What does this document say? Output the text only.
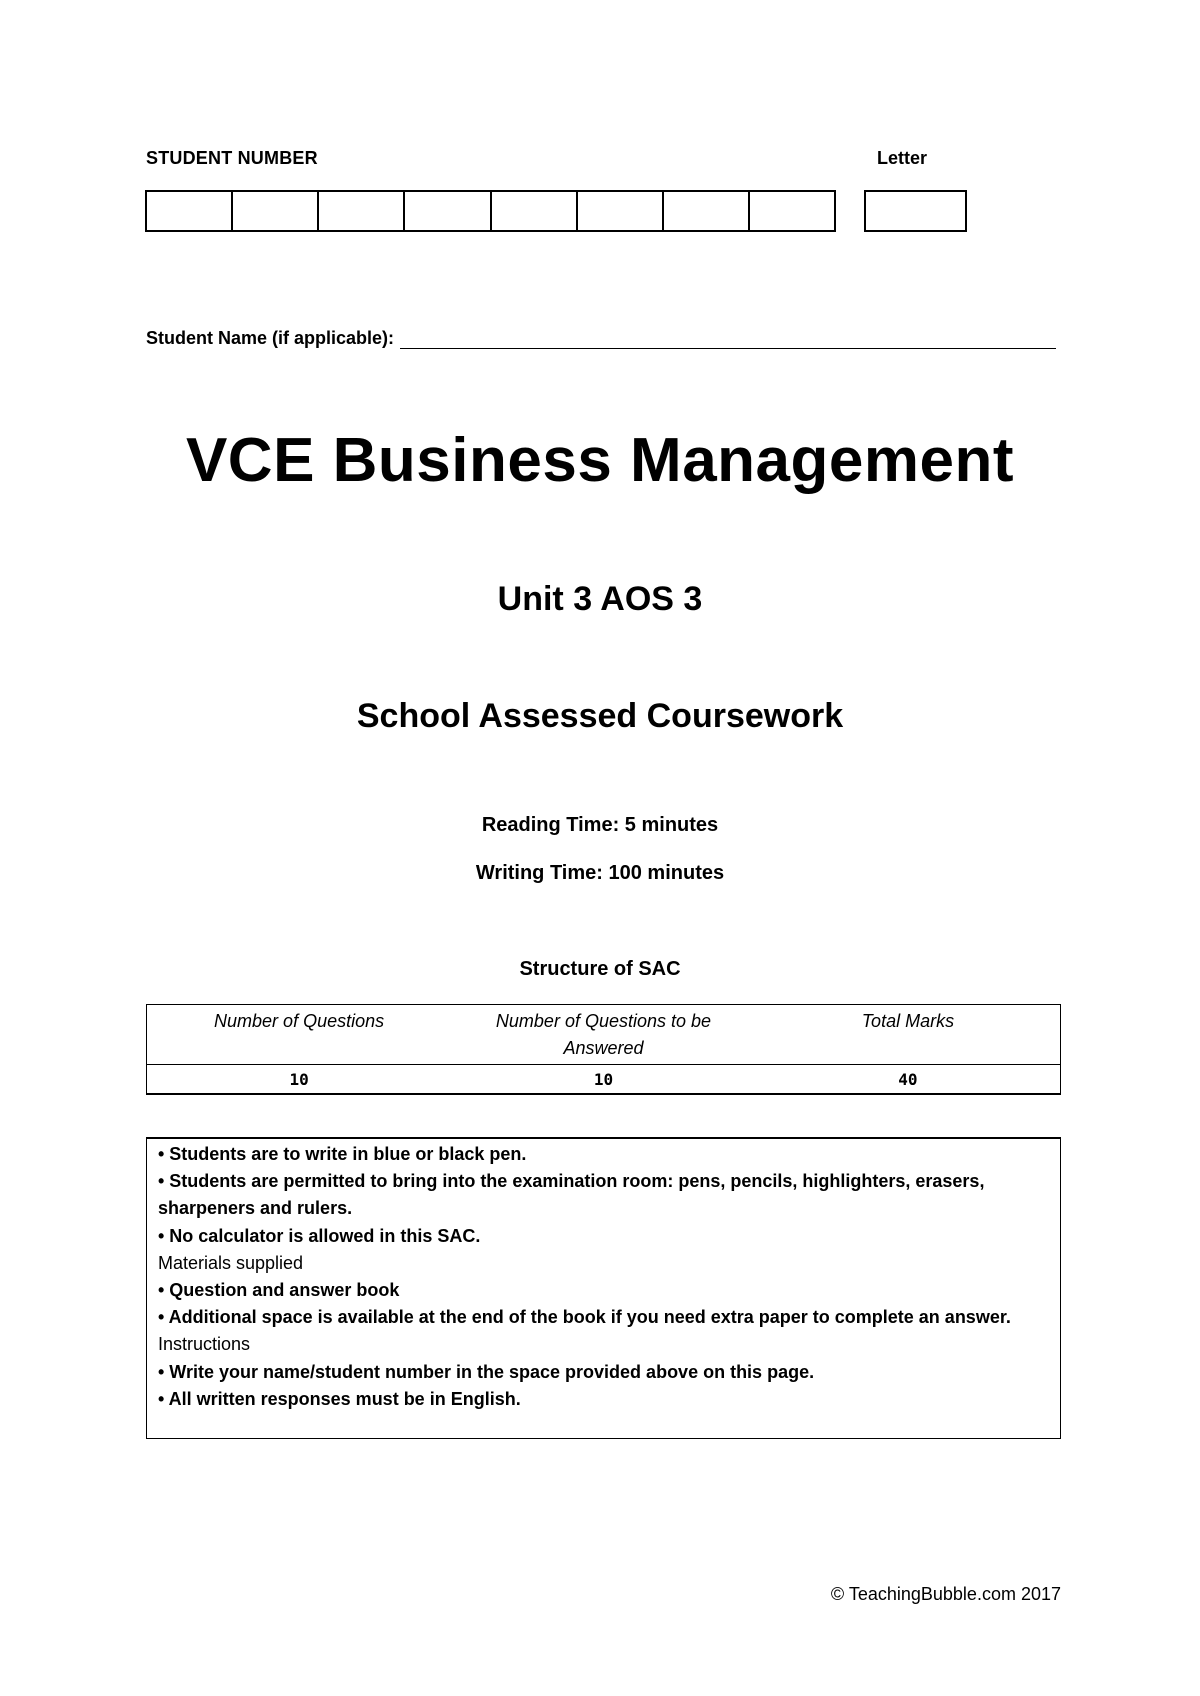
STUDENT NUMBER	Letter
Student Name (if applicable):
VCE Business Management
Unit 3 AOS 3
School Assessed Coursework
Reading Time: 5 minutes
Writing Time: 100 minutes
Structure of SAC
Number of Questions	Number of Questions to be Answered	Total Marks
10	10	40
• Students are to write in blue or black pen.
• Students are permitted to bring into the examination room: pens, pencils, highlighters, erasers, sharpeners and rulers.
• No calculator is allowed in this SAC.
Materials supplied
• Question and answer book
• Additional space is available at the end of the book if you need extra paper to complete an answer.
Instructions
• Write your name/student number in the space provided above on this page.
• All written responses must be in English.
© TeachingBubble.com 2017
